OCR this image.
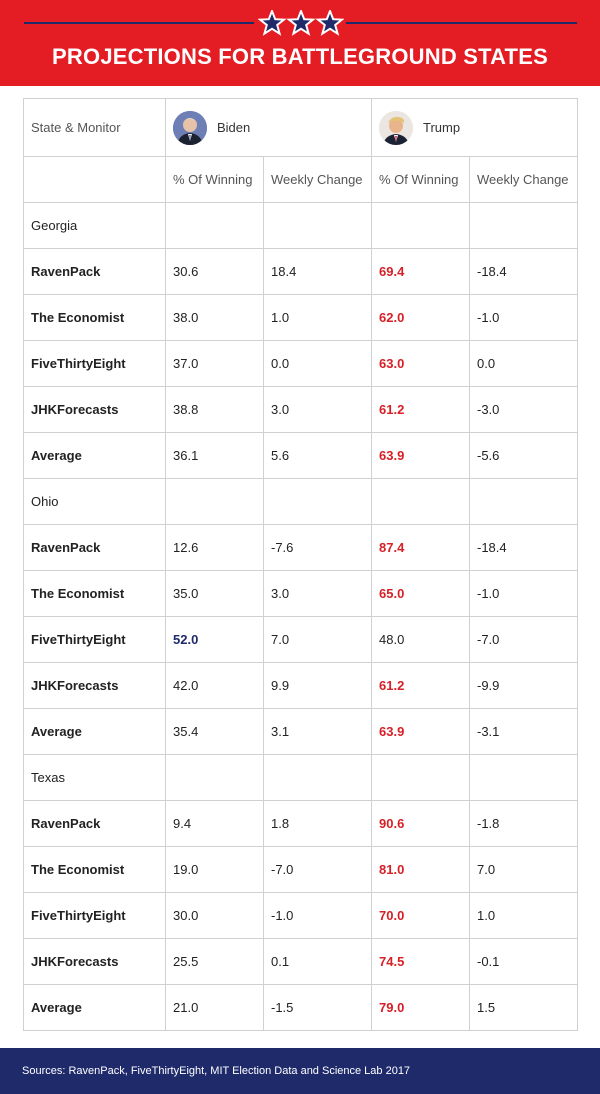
PROJECTIONS FOR BATTLEGROUND STATES
State & Monitor	Biden		Trump	

	% Of Winning	Weekly Change	% Of Winning	Weekly Change
Georgia				
RavenPack	30.6	18.4	69.4	-18.4
The Economist	38.0	1.0	62.0	-1.0
FiveThirtyEight	37.0	0.0	63.0	0.0
JHKForecasts	38.8	3.0	61.2	-3.0
Average	36.1	5.6	63.9	-5.6
Ohio				
RavenPack	12.6	-7.6	87.4	-18.4
The Economist	35.0	3.0	65.0	-1.0
FiveThirtyEight	52.0	7.0	48.0	-7.0
JHKForecasts	42.0	9.9	61.2	-9.9
Average	35.4	3.1	63.9	-3.1
Texas				
RavenPack	9.4	1.8	90.6	-1.8
The Economist	19.0	-7.0	81.0	7.0
FiveThirtyEight	30.0	-1.0	70.0	1.0
JHKForecasts	25.5	0.1	74.5	-0.1
Average	21.0	-1.5	79.0	1.5
Sources: RavenPack, FiveThirtyEight, MIT Election Data and Science Lab 2017
